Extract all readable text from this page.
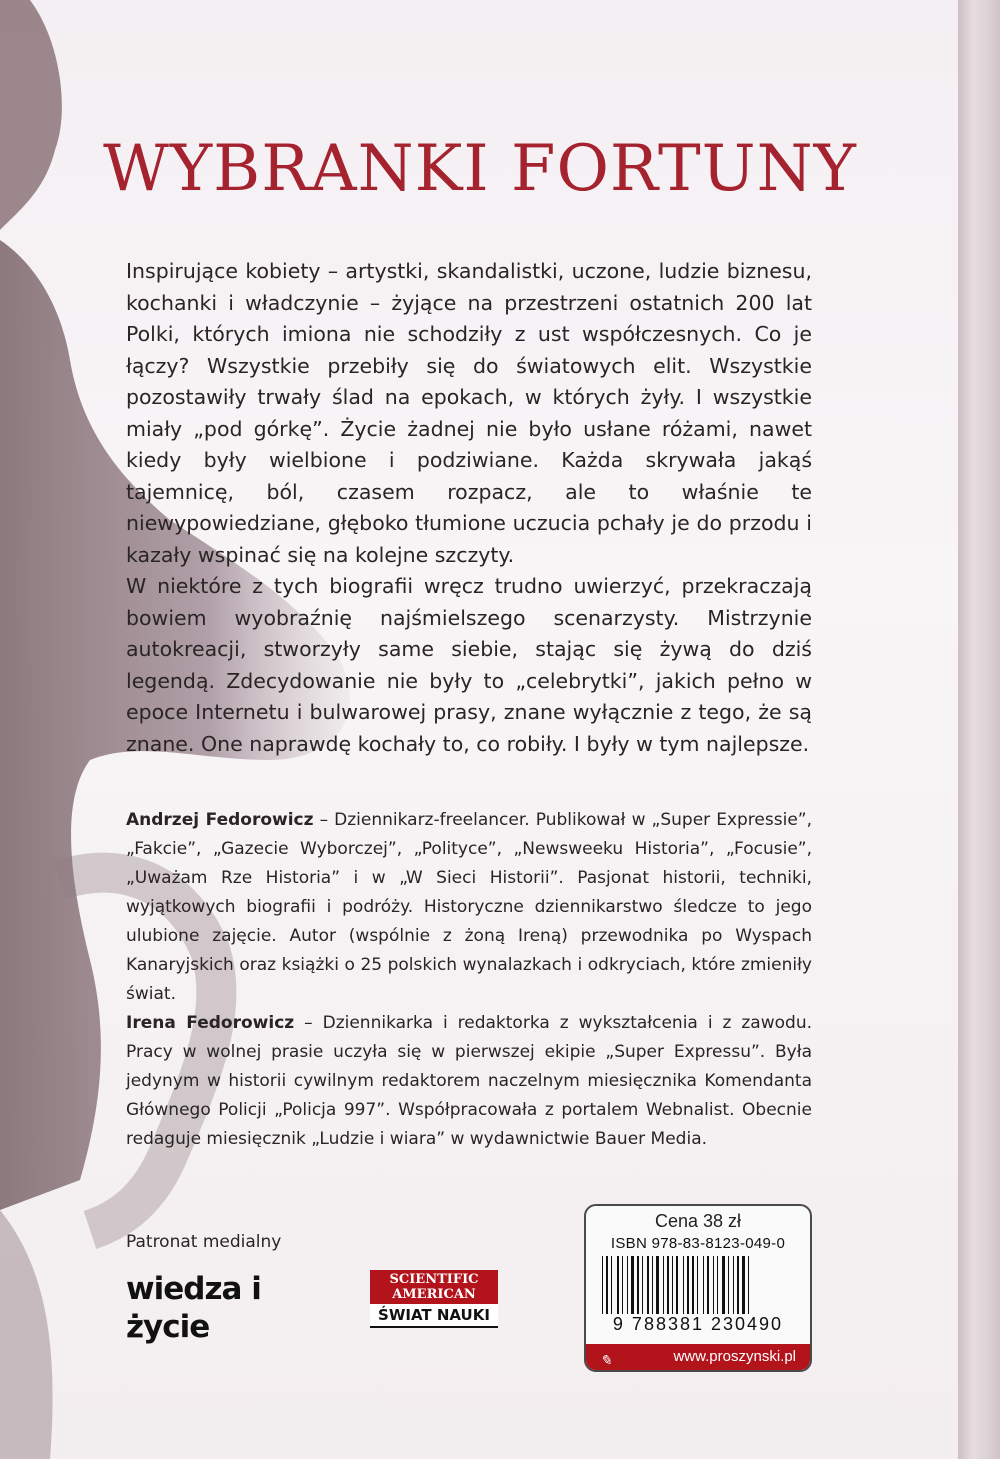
WYBRANKI FORTUNY

Inspirujące kobiety – artystki, skandalistki, uczone, ludzie biznesu, kochanki i władczynie – żyjące na przestrzeni ostatnich 200 lat Polki, których imiona nie schodziły z ust współczesnych. Co je łączy? Wszystkie przebiły się do światowych elit. Wszystkie pozostawiły trwały ślad na epokach, w których żyły. I wszystkie miały „pod górkę”. Życie żadnej nie było usłane różami, nawet kiedy były wielbione i podziwiane. Każda skrywała jakąś tajemnicę, ból, czasem rozpacz, ale to właśnie te niewypowiedziane, głęboko tłumione uczucia pchały je do przodu i kazały wspinać się na kolejne szczyty.

W niektóre z tych biografii wręcz trudno uwierzyć, przekraczają bowiem wyobraźnię najśmielszego scenarzysty. Mistrzynie autokreacji, stworzyły same siebie, stając się żywą do dziś legendą. Zdecydowanie nie były to „celebrytki”, jakich pełno w epoce Internetu i bulwarowej prasy, znane wyłącznie z tego, że są znane. One naprawdę kochały to, co robiły. I były w tym najlepsze.

Andrzej Fedorowicz – Dziennikarz-freelancer. Publikował w „Super Expressie”, „Fakcie”, „Gazecie Wyborczej”, „Polityce”, „Newsweeku Historia”, „Focusie”, „Uważam Rze Historia” i w „W Sieci Historii”. Pasjonat historii, techniki, wyjątkowych biografii i podróży. Historyczne dziennikarstwo śledcze to jego ulubione zajęcie. Autor (wspólnie z żoną Ireną) przewodnika po Wyspach Kanaryjskich oraz książki o 25 polskich wynalazkach i odkryciach, które zmieniły świat.

Irena Fedorowicz – Dziennikarka i redaktorka z wykształcenia i z zawodu. Pracy w wolnej prasie uczyła się w pierwszej ekipie „Super Expressu”. Była jedynym w historii cywilnym redaktorem naczelnym miesięcznika Komendanta Głównego Policji „Policja 997”. Współpracowała z portalem Webnalist. Obecnie redaguje miesięcznik „Ludzie i wiara” w wydawnictwie Bauer Media.

Patronat medialny
wiedza i życie
SCIENTIFIC
AMERICAN
ŚWIAT NAUKI
Cena 38 zł
ISBN 978-83-8123-049-0
9 788381 230490
✎	www.proszynski.pl
